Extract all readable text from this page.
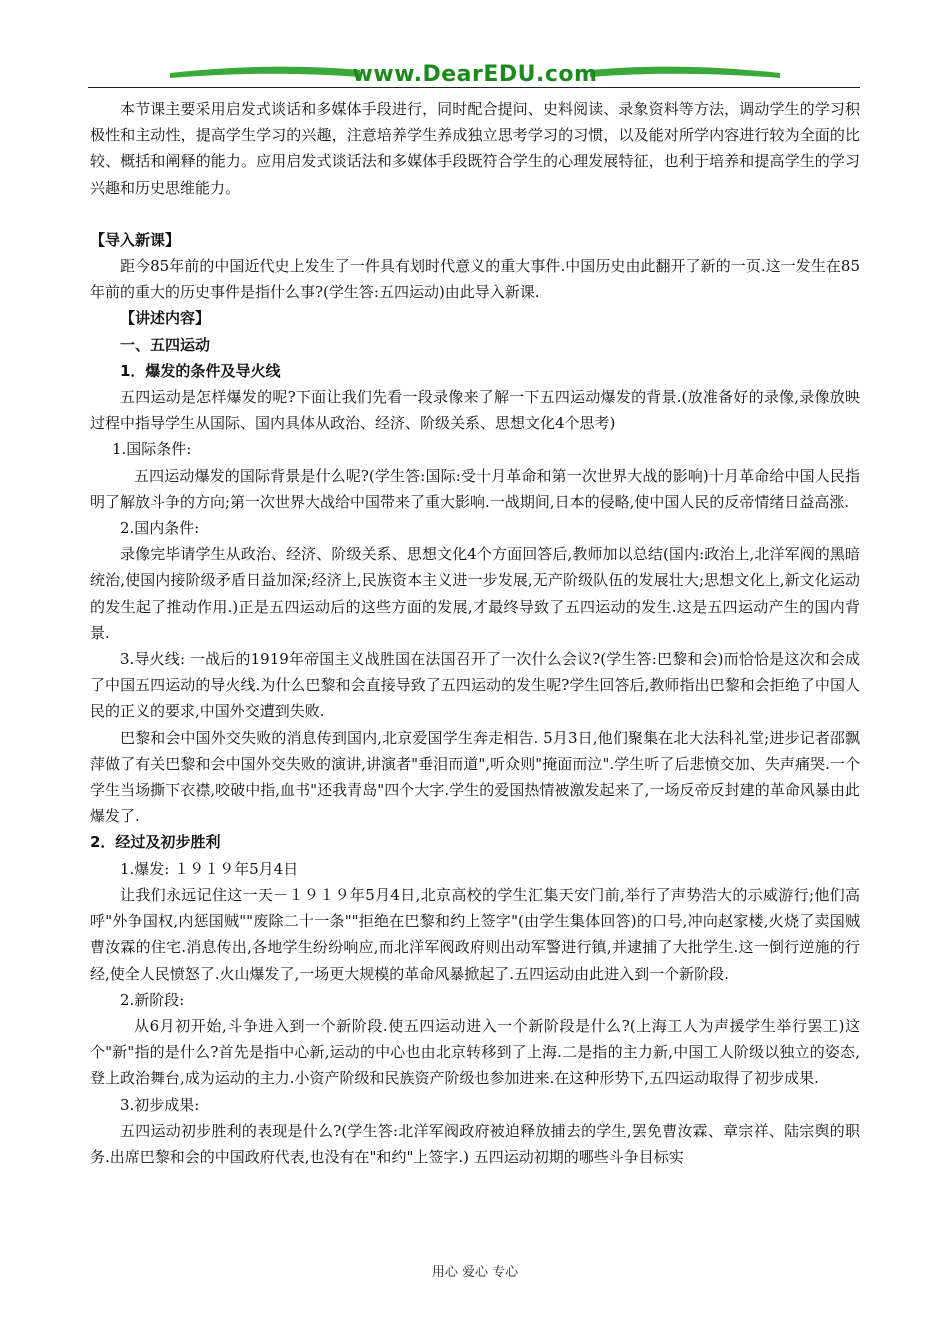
www.DearEDU.com

本节课主要采用启发式谈话和多媒体手段进行，同时配合提问、史料阅读、录象资料等方法，调动学生的学习积极性和主动性，提高学生学习的兴趣，注意培养学生养成独立思考学习的习惯，以及能对所学内容进行较为全面的比较、概括和阐释的能力。应用启发式谈话法和多媒体手段既符合学生的心理发展特征，也利于培养和提高学生的学习兴趣和历史思维能力。

【导入新课】

距今85年前的中国近代史上发生了一件具有划时代意义的重大事件.中国历史由此翻开了新的一页.这一发生在85年前的重大的历史事件是指什么事?(学生答:五四运动)由此导入新课.

【讲述内容】

一、五四运动

1．爆发的条件及导火线

五四运动是怎样爆发的呢?下面让我们先看一段录像来了解一下五四运动爆发的背景.(放准备好的录像,录像放映过程中指导学生从国际、国内具体从政治、经济、阶级关系、思想文化4个思考)

1.国际条件:

五四运动爆发的国际背景是什么呢?(学生答:国际:受十月革命和第一次世界大战的影响)十月革命给中国人民指明了解放斗争的方向;第一次世界大战给中国带来了重大影响.一战期间,日本的侵略,使中国人民的反帝情绪日益高涨.

2.国内条件:

录像完毕请学生从政治、经济、阶级关系、思想文化4个方面回答后,教师加以总结(国内:政治上,北洋军阀的黑暗统治,使国内接阶级矛盾日益加深;经济上,民族资本主义进一步发展,无产阶级队伍的发展壮大;思想文化上,新文化运动的发生起了推动作用.)正是五四运动后的这些方面的发展,才最终导致了五四运动的发生.这是五四运动产生的国内背景.

3.导火线: 一战后的1919年帝国主义战胜国在法国召开了一次什么会议?(学生答:巴黎和会)而恰恰是这次和会成了中国五四运动的导火线.为什么巴黎和会直接导致了五四运动的发生呢?学生回答后,教师指出巴黎和会拒绝了中国人民的正义的要求,中国外交遭到失败.

巴黎和会中国外交失败的消息传到国内,北京爱国学生奔走相告. 5月3日,他们聚集在北大法科礼堂;进步记者邵飘萍做了有关巴黎和会中国外交失败的演讲,讲演者"垂泪而道",听众则"掩面而泣".学生听了后悲愤交加、失声痛哭.一个学生当场撕下衣襟,咬破中指,血书"还我青岛"四个大字.学生的爱国热情被激发起来了,一场反帝反封建的革命风暴由此爆发了.

2．经过及初步胜利

1.爆发: １９１９年5月4日

让我们永远记住这一天－１９１９年5月4日,北京高校的学生汇集天安门前,举行了声势浩大的示威游行;他们高呼"外争国权,内惩国贼""废除二十一条""拒绝在巴黎和约上签字"(由学生集体回答)的口号,冲向赵家楼,火烧了卖国贼曹汝霖的住宅.消息传出,各地学生纷纷响应,而北洋军阀政府则出动军警进行镇,并逮捕了大批学生.这一倒行逆施的行经,使全人民愤怒了.火山爆发了,一场更大规模的革命风暴掀起了.五四运动由此进入到一个新阶段.

2.新阶段:

从6月初开始,斗争进入到一个新阶段.使五四运动进入一个新阶段是什么?(上海工人为声援学生举行罢工)这个"新"指的是什么?首先是指中心新,运动的中心也由北京转移到了上海.二是指的主力新,中国工人阶级以独立的姿态,登上政治舞台,成为运动的主力.小资产阶级和民族资产阶级也参加进来.在这种形势下,五四运动取得了初步成果.

3.初步成果:

五四运动初步胜利的表现是什么?(学生答:北洋军阀政府被迫释放捕去的学生,罢免曹汝霖、章宗祥、陆宗舆的职务.出席巴黎和会的中国政府代表,也没有在"和约"上签字.) 五四运动初期的哪些斗争目标实

用心 爱心 专心
